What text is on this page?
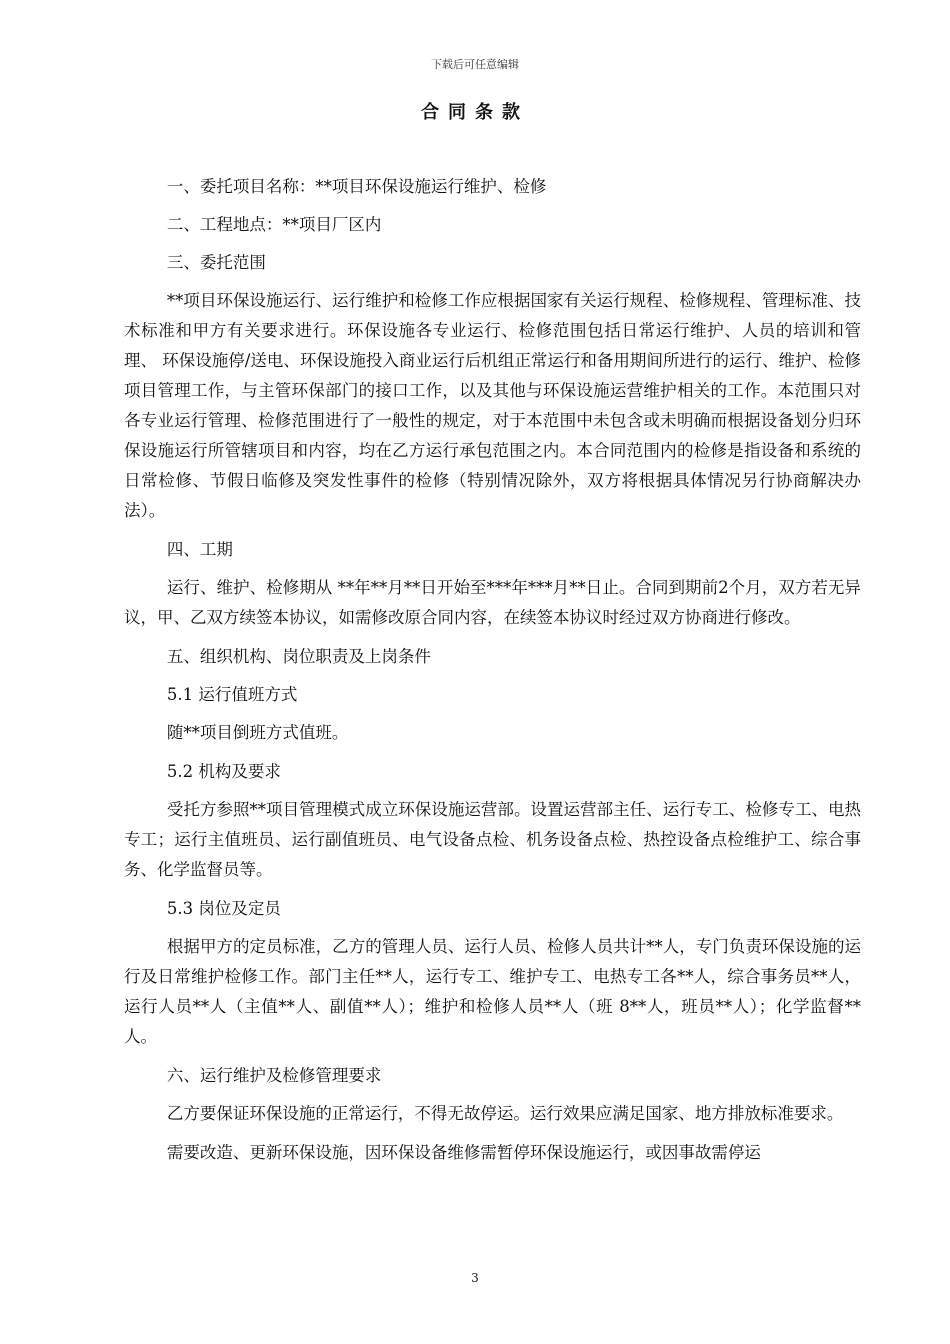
下载后可任意编辑
合同条款

一、委托项目名称：**项目环保设施运行维护、检修

二、工程地点：**项目厂区内

三、委托范围

**项目环保设施运行、运行维护和检修工作应根据国家有关运行规程、检修规程、管理标准、技术标准和甲方有关要求进行。环保设施各专业运行、检修范围包括日常运行维护、人员的培训和管理、 环保设施停/送电、环保设施投入商业运行后机组正常运行和备用期间所进行的运行、维护、检修项目管理工作，与主管环保部门的接口工作，以及其他与环保设施运营维护相关的工作。本范围只对各专业运行管理、检修范围进行了一般性的规定，对于本范围中未包含或未明确而根据设备划分归环保设施运行所管辖项目和内容，均在乙方运行承包范围之内。本合同范围内的检修是指设备和系统的日常检修、节假日临修及突发性事件的检修（特别情况除外，双方将根据具体情况另行协商解决办法）。

四、工期

运行、维护、检修期从 **年**月**日开始至***年***月**日止。合同到期前2个月，双方若无异议，甲、乙双方续签本协议，如需修改原合同内容，在续签本协议时经过双方协商进行修改。

五、组织机构、岗位职责及上岗条件

5.1 运行值班方式

随**项目倒班方式值班。

5.2 机构及要求

受托方参照**项目管理模式成立环保设施运营部。设置运营部主任、运行专工、检修专工、电热专工；运行主值班员、运行副值班员、电气设备点检、机务设备点检、热控设备点检维护工、综合事务、化学监督员等。

5.3 岗位及定员

根据甲方的定员标准，乙方的管理人员、运行人员、检修人员共计**人，专门负责环保设施的运行及日常维护检修工作。部门主任**人，运行专工、维护专工、电热专工各**人，综合事务员**人，运行人员**人（主值**人、副值**人）；维护和检修人员**人（班 8**人，班员**人）；化学监督**人。

六、运行维护及检修管理要求

乙方要保证环保设施的正常运行，不得无故停运。运行效果应满足国家、地方排放标准要求。

需要改造、更新环保设施，因环保设备维修需暂停环保设施运行，或因事故需停运

3
